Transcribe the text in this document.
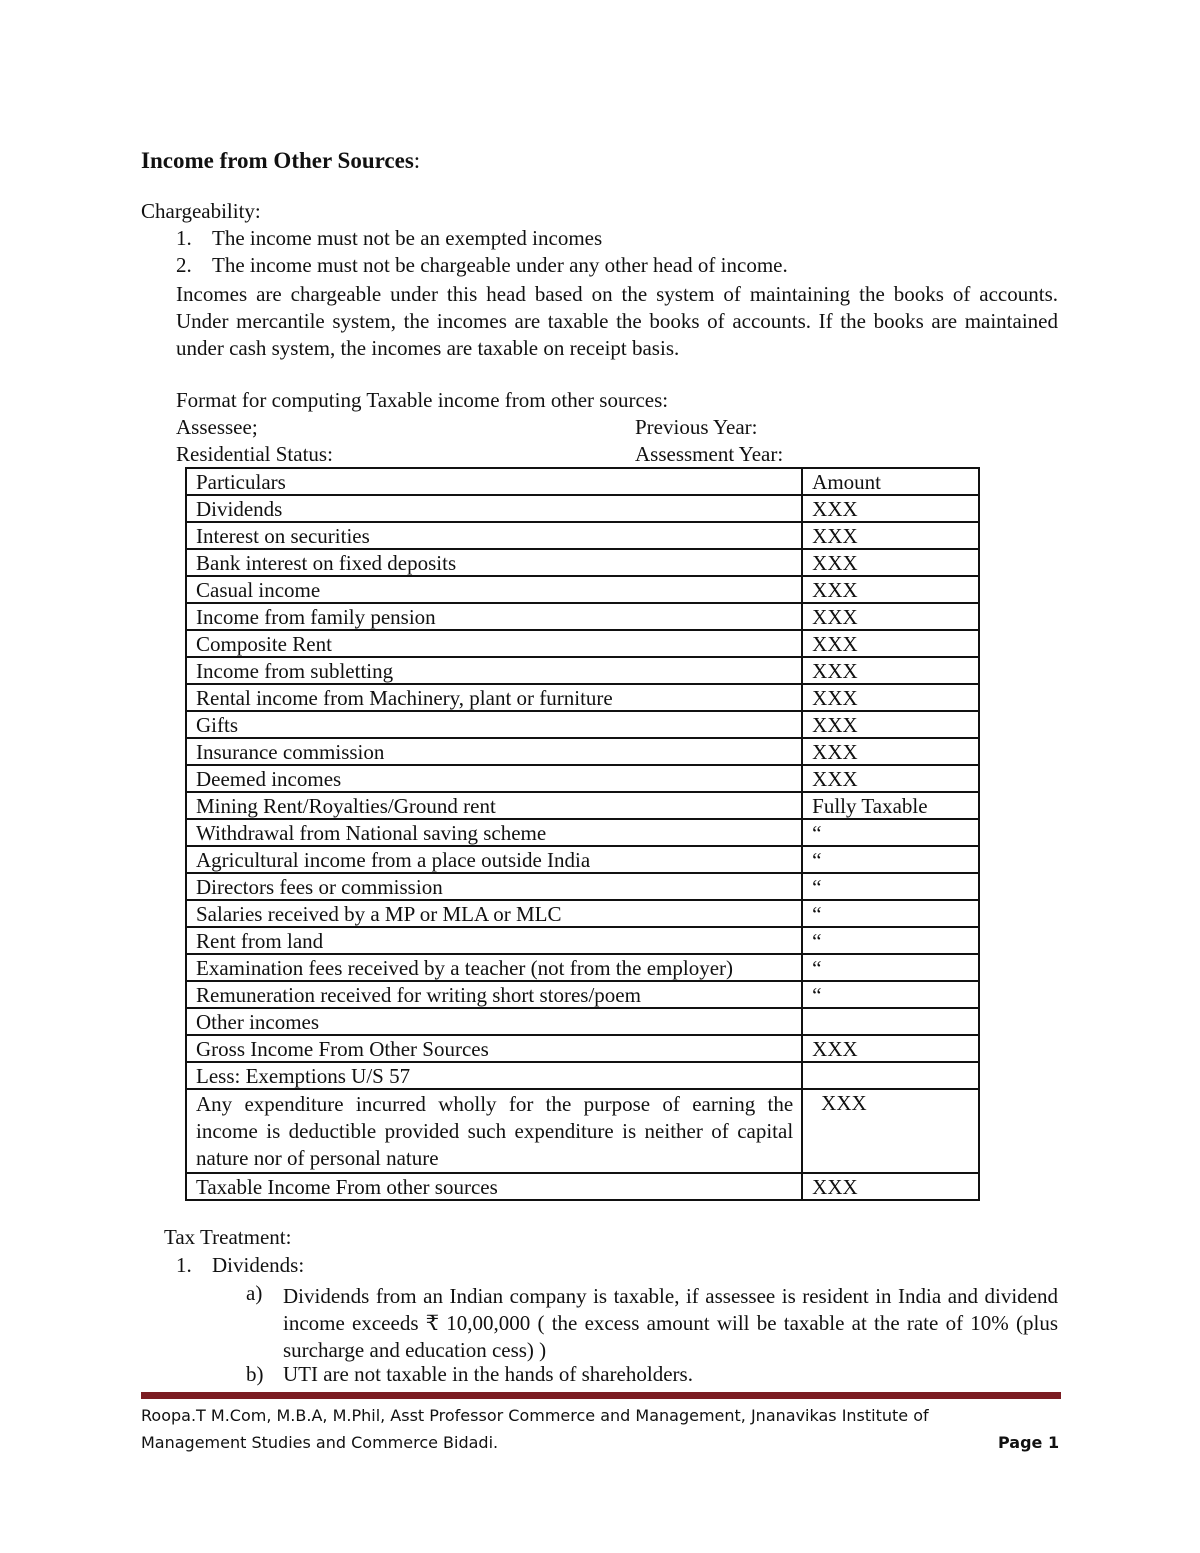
Income from Other Sources:
Chargeability:
1. The income must not be an exempted incomes
2. The income must not be chargeable under any other head of income.

Incomes are chargeable under this head based on the system of maintaining the books of accounts. Under mercantile system, the incomes are taxable the books of accounts. If the books are maintained under cash system, the incomes are taxable on receipt basis.

Format for computing Taxable income from other sources:
Assessee;	Previous Year:
Residential Status:	Assessment Year:
Particulars	Amount
Dividends	XXX
Interest on securities	XXX
Bank interest on fixed deposits	XXX
Casual income	XXX
Income from family pension	XXX
Composite Rent	XXX
Income from subletting	XXX
Rental income from Machinery, plant or furniture	XXX
Gifts	XXX
Insurance commission	XXX
Deemed incomes	XXX
Mining Rent/Royalties/Ground rent	Fully Taxable
Withdrawal from National saving scheme	“
Agricultural income from a place outside India	“
Directors fees or commission	“
Salaries received by a MP or MLA or MLC	“
Rent from land	“
Examination fees received by a teacher (not from the employer)	“
Remuneration received for writing short stores/poem	“
Other incomes	
Gross Income From Other Sources	XXX
Less: Exemptions U/S 57	
Any expenditure incurred wholly for the purpose of earning the income is deductible provided such expenditure is neither of capital nature nor of personal nature	XXX
Taxable Income From other sources	XXX
Tax Treatment:
1. Dividends:
a) Dividends from an Indian company is taxable, if assessee is resident in India and dividend income exceeds ₹ 10,00,000 ( the excess amount will be taxable at the rate of 10% (plus surcharge and education cess) )

b) UTI are not taxable in the hands of shareholders.
Roopa.T M.Com, M.B.A, M.Phil, Asst Professor Commerce and Management, Jnanavikas Institute of
Management Studies and Commerce Bidadi.	Page 1
